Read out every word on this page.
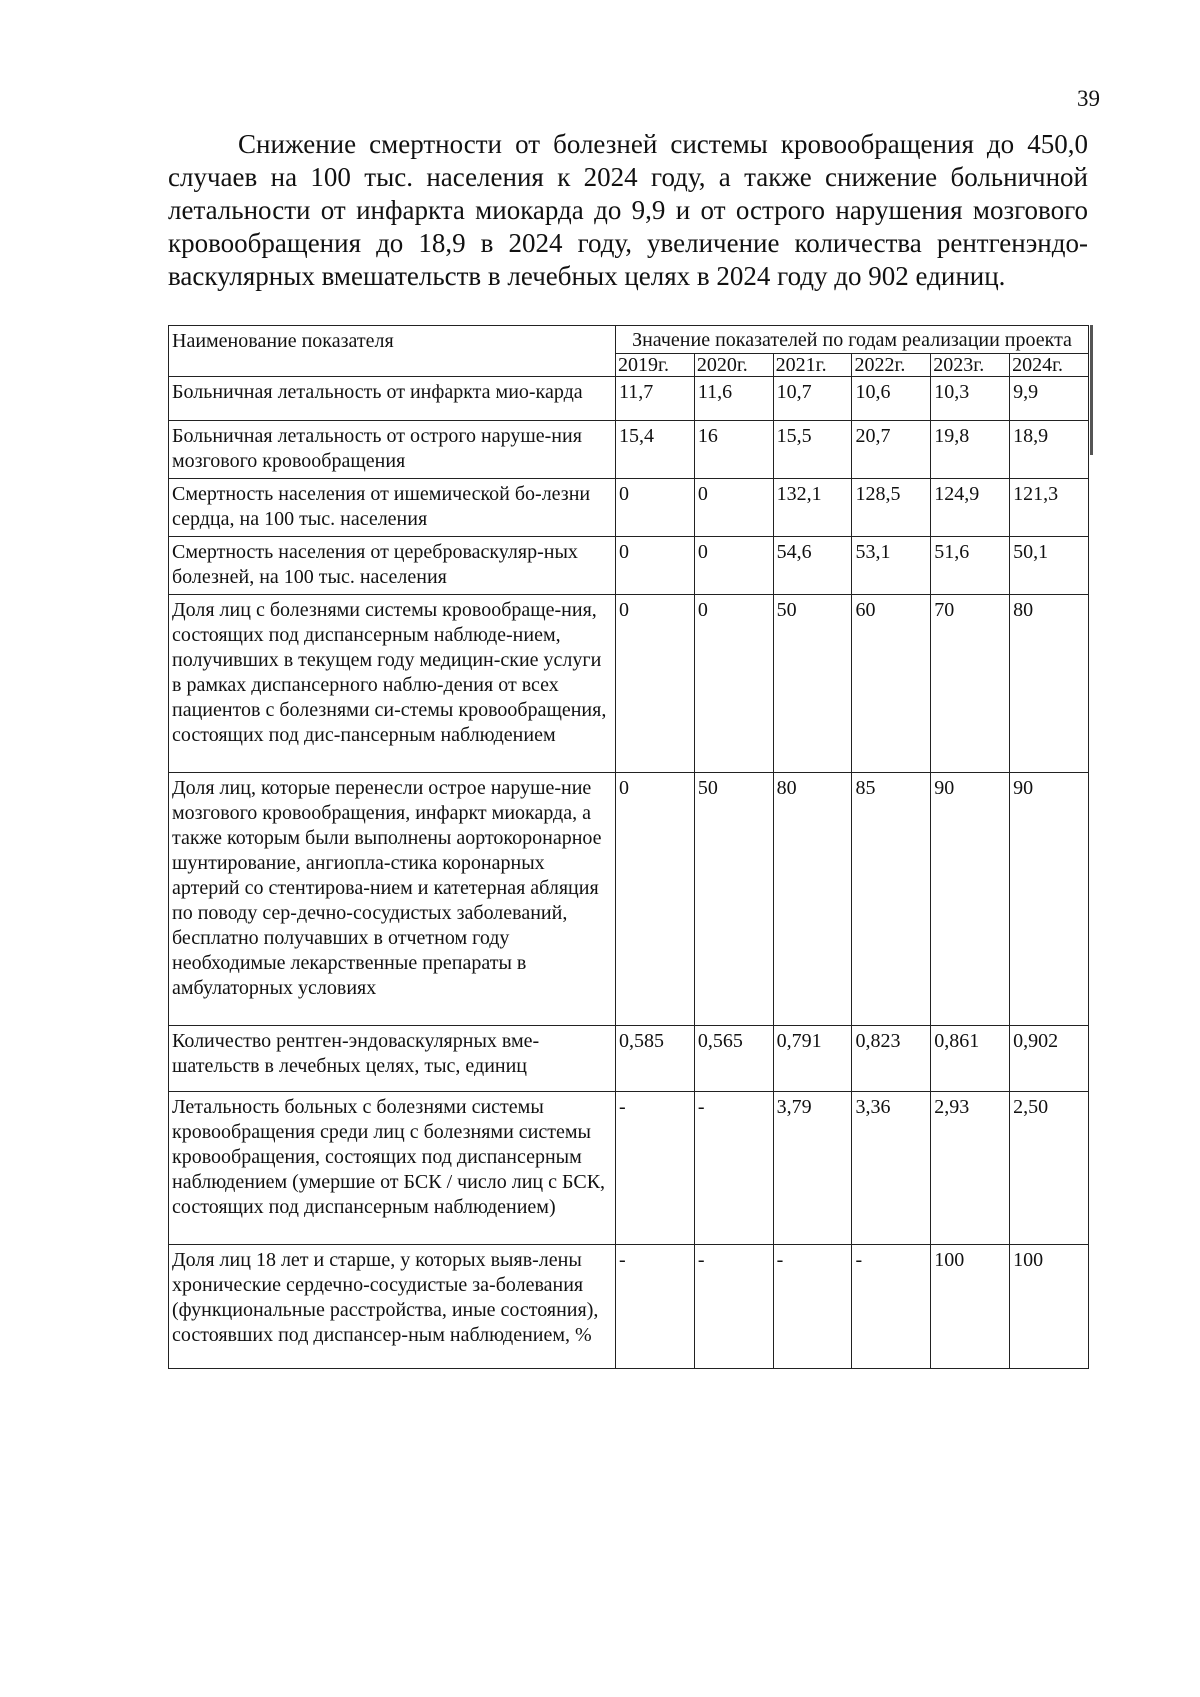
39

Снижение смертности от болезней системы кровообращения до 450,0 случаев на 100 тыс. населения к 2024 году, а также снижение больничной летальности от инфаркта миокарда до 9,9 и от острого нарушения мозгового кровообращения до 18,9 в 2024 году, увеличение количества рентгенэндо-васкулярных вмешательств в лечебных целях в 2024 году до 902 единиц.

Наименование показателя	Значение показателей по годам реализации проекта					
	2019г.	2020г.	2021г.	2022г.	2023г.	2024г.
Больничная летальность от инфаркта мио-карда	11,7	11,6	10,7	10,6	10,3	9,9
Больничная летальность от острого наруше-ния мозгового кровообращения	15,4	16	15,5	20,7	19,8	18,9
Смертность населения от ишемической бо-лезни сердца, на 100 тыс. населения	0	0	132,1	128,5	124,9	121,3
Смертность населения от цереброваскуляр-ных болезней, на 100 тыс. населения	0	0	54,6	53,1	51,6	50,1
Доля лиц с болезнями системы кровообраще-ния, состоящих под диспансерным наблюде-нием, получивших в текущем году медицин-ские услуги в рамках диспансерного наблю-дения от всех пациентов с болезнями си-стемы кровообращения, состоящих под дис-пансерным наблюдением	0	0	50	60	70	80
Доля лиц, которые перенесли острое наруше-ние мозгового кровообращения, инфаркт миокарда, а также которым были выполнены аортокоронарное шунтирование, ангиопла-стика коронарных артерий со стентирова-нием и катетерная абляция по поводу сер-дечно-сосудистых заболеваний, бесплатно получавших в отчетном году необходимые лекарственные препараты в амбулаторных условиях	0	50	80	85	90	90
Количество рентген-эндоваскулярных вме-шательств в лечебных целях, тыс, единиц	0,585	0,565	0,791	0,823	0,861	0,902
Летальность больных с болезнями системы кровообращения среди лиц с болезнями системы кровообращения, состоящих под диспансерным наблюдением (умершие от БСК / число лиц с БСК, состоящих под диспансерным наблюдением)	-	-	3,79	3,36	2,93	2,50
Доля лиц 18 лет и старше, у которых выяв-лены хронические сердечно-сосудистые за-болевания (функциональные расстройства, иные состояния), состоявших под диспансер-ным наблюдением, %	-	-	-	-	100	100
